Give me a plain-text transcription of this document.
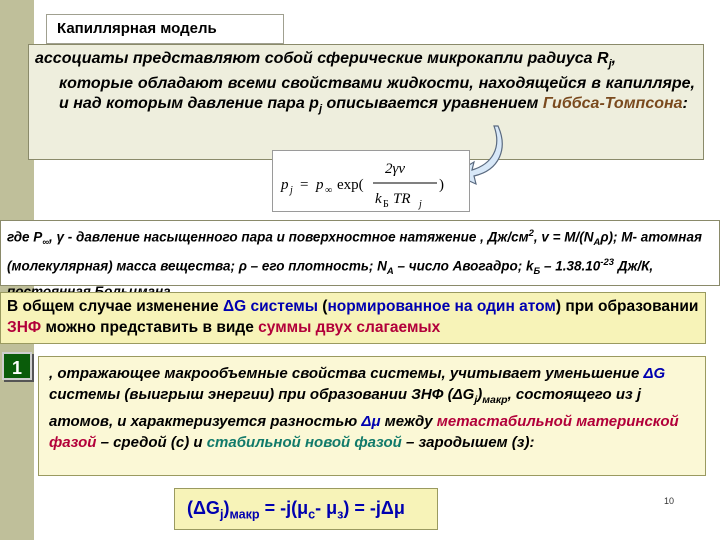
Капиллярная модель
ассоциаты представляют собой сферические микрокапли радиуса $R_j$,
которые обладают всеми свойствами жидкости, находящейся в капилляре, и над которым давление пара $p_j$ описывается уравнением Гиббса-Томпсона:
p j = p ∞ exp(
2γv
k Б TR j
)
где $P_\infty$, γ - давление насыщенного пара и поверхностное натяжение , $Дж/см^2$, $v = M/(N_A\rho)$; M- атомная (молекулярная) масса вещества; ρ – его плотность; $N_A$ – число Авогадро; $k_Б - 1.38.10^{-23}$ Дж/К,
В общем случае изменение ΔG системы (нормированное на один атом) при образовании ЗНФ можно представить в виде суммы двух слагаемых
1	, отражающее макрообъемные свойства системы, учитывает уменьшение ΔG системы (выигрыш энергии) при образовании ЗНФ $(\Delta G_j)_{макр}$, состоящего из j атомов, и характеризуется разностью Δμ между метастабильной материнской фазой – средой (с) и стабильной новой фазой – зародышем (з):
$(\Delta G_j)_{макр} = -j(\mu_с-$ $\mu_з) = -j\Delta\mu$	10
